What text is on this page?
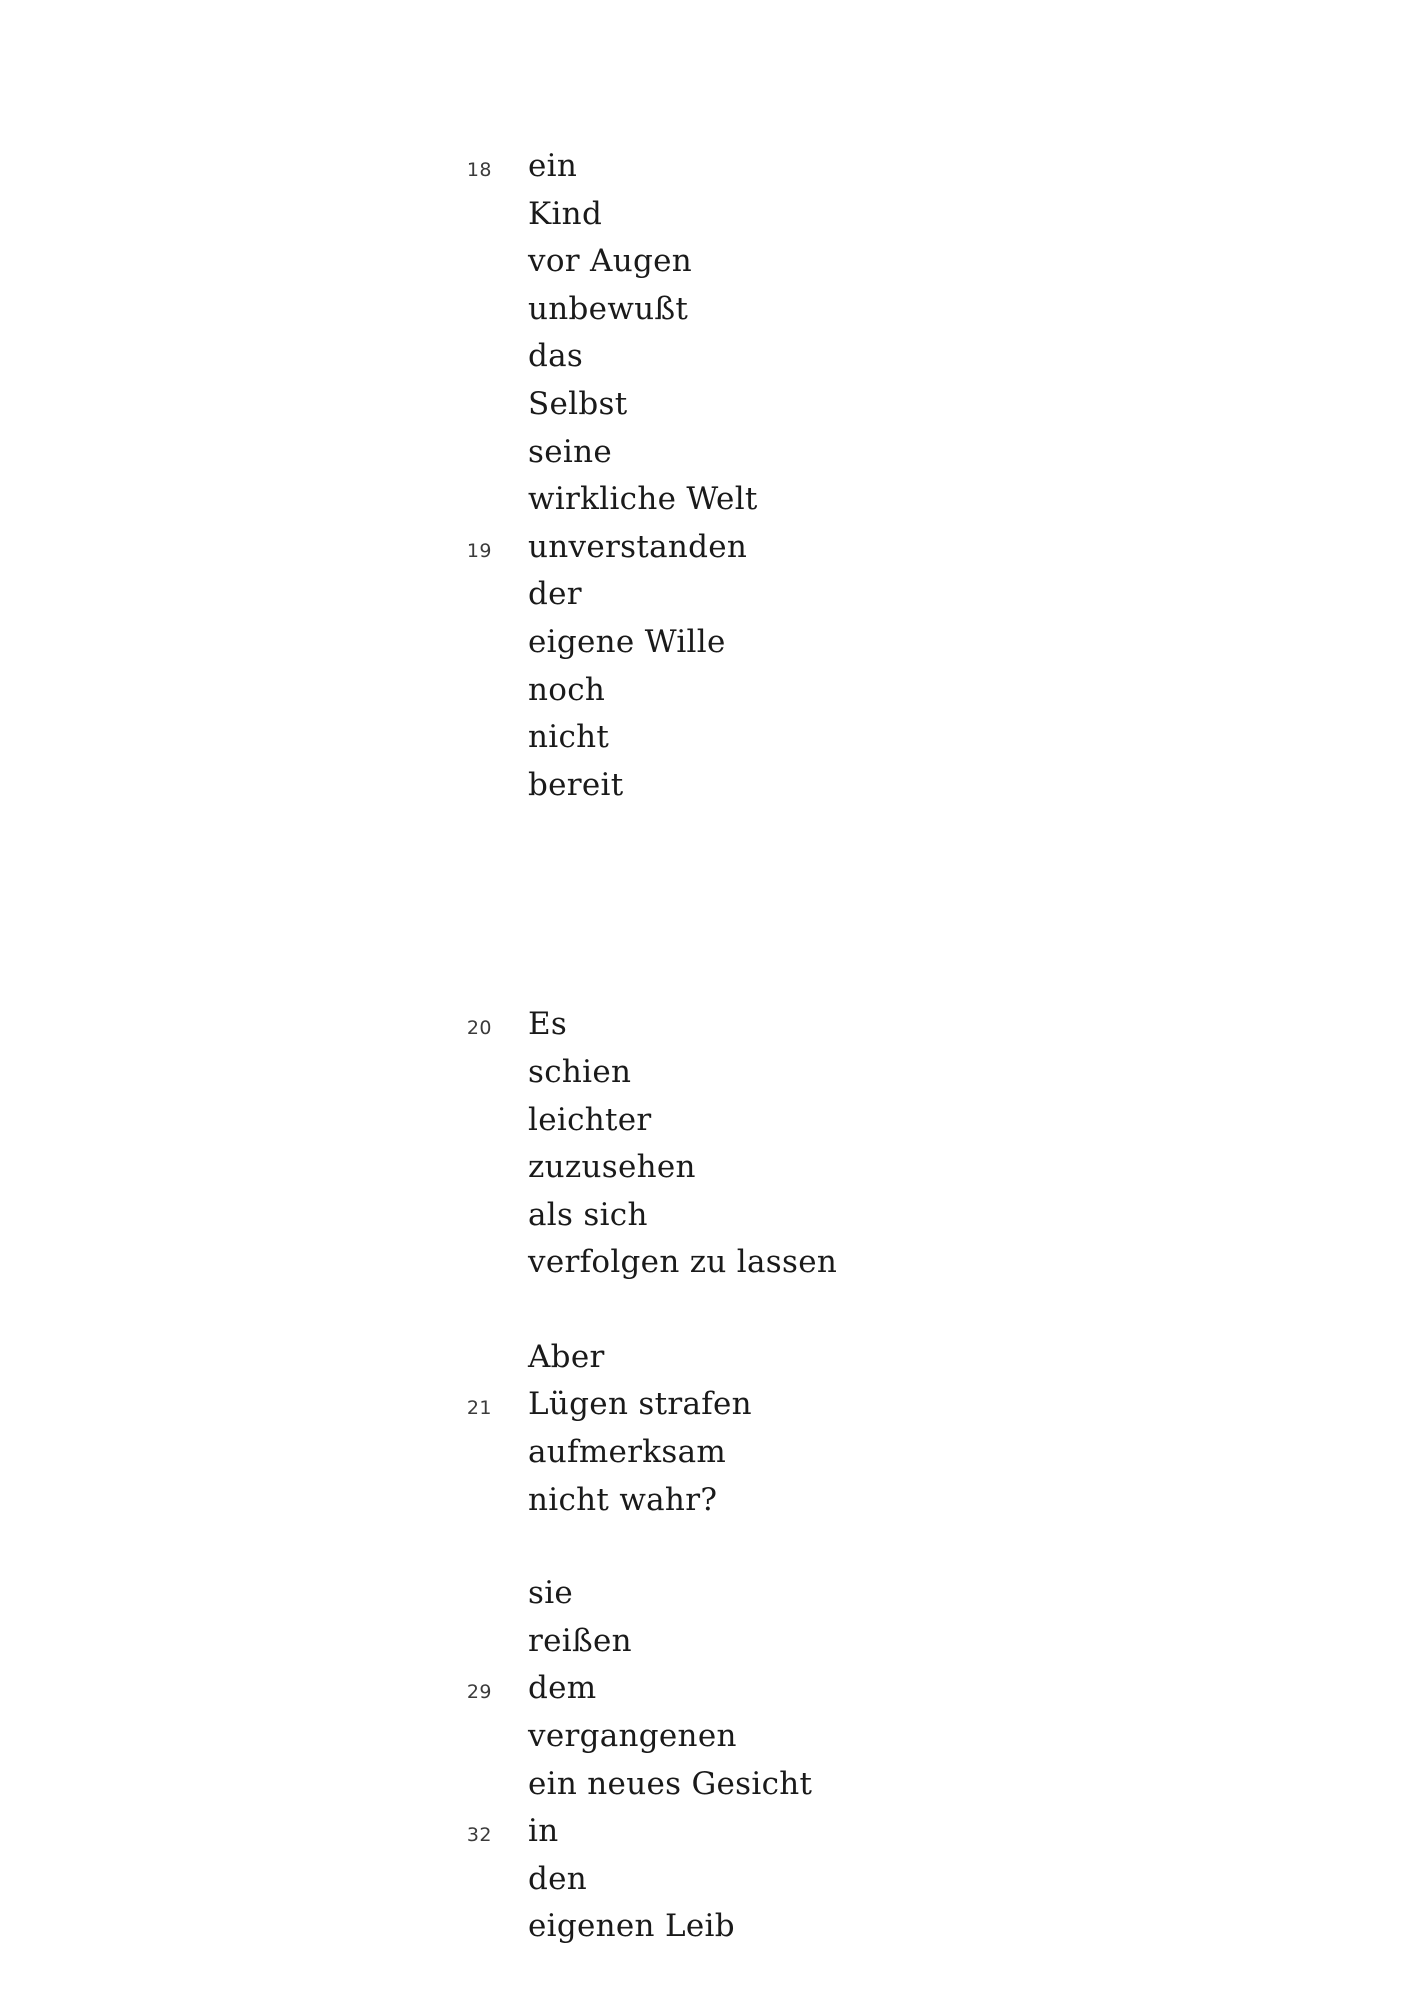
18 ein
Kind
vor Augen
unbewußt
das
Selbst
seine
wirkliche Welt
19 unverstanden
der
eigene Wille
noch
nicht
bereit
20 Es
schien
leichter
zuzusehen
als sich
verfolgen zu lassen
Aber
21 Lügen strafen
aufmerksam
nicht wahr?
sie
reißen
29 dem
vergangenen
ein neues Gesicht
32 in
den
eigenen Leib
